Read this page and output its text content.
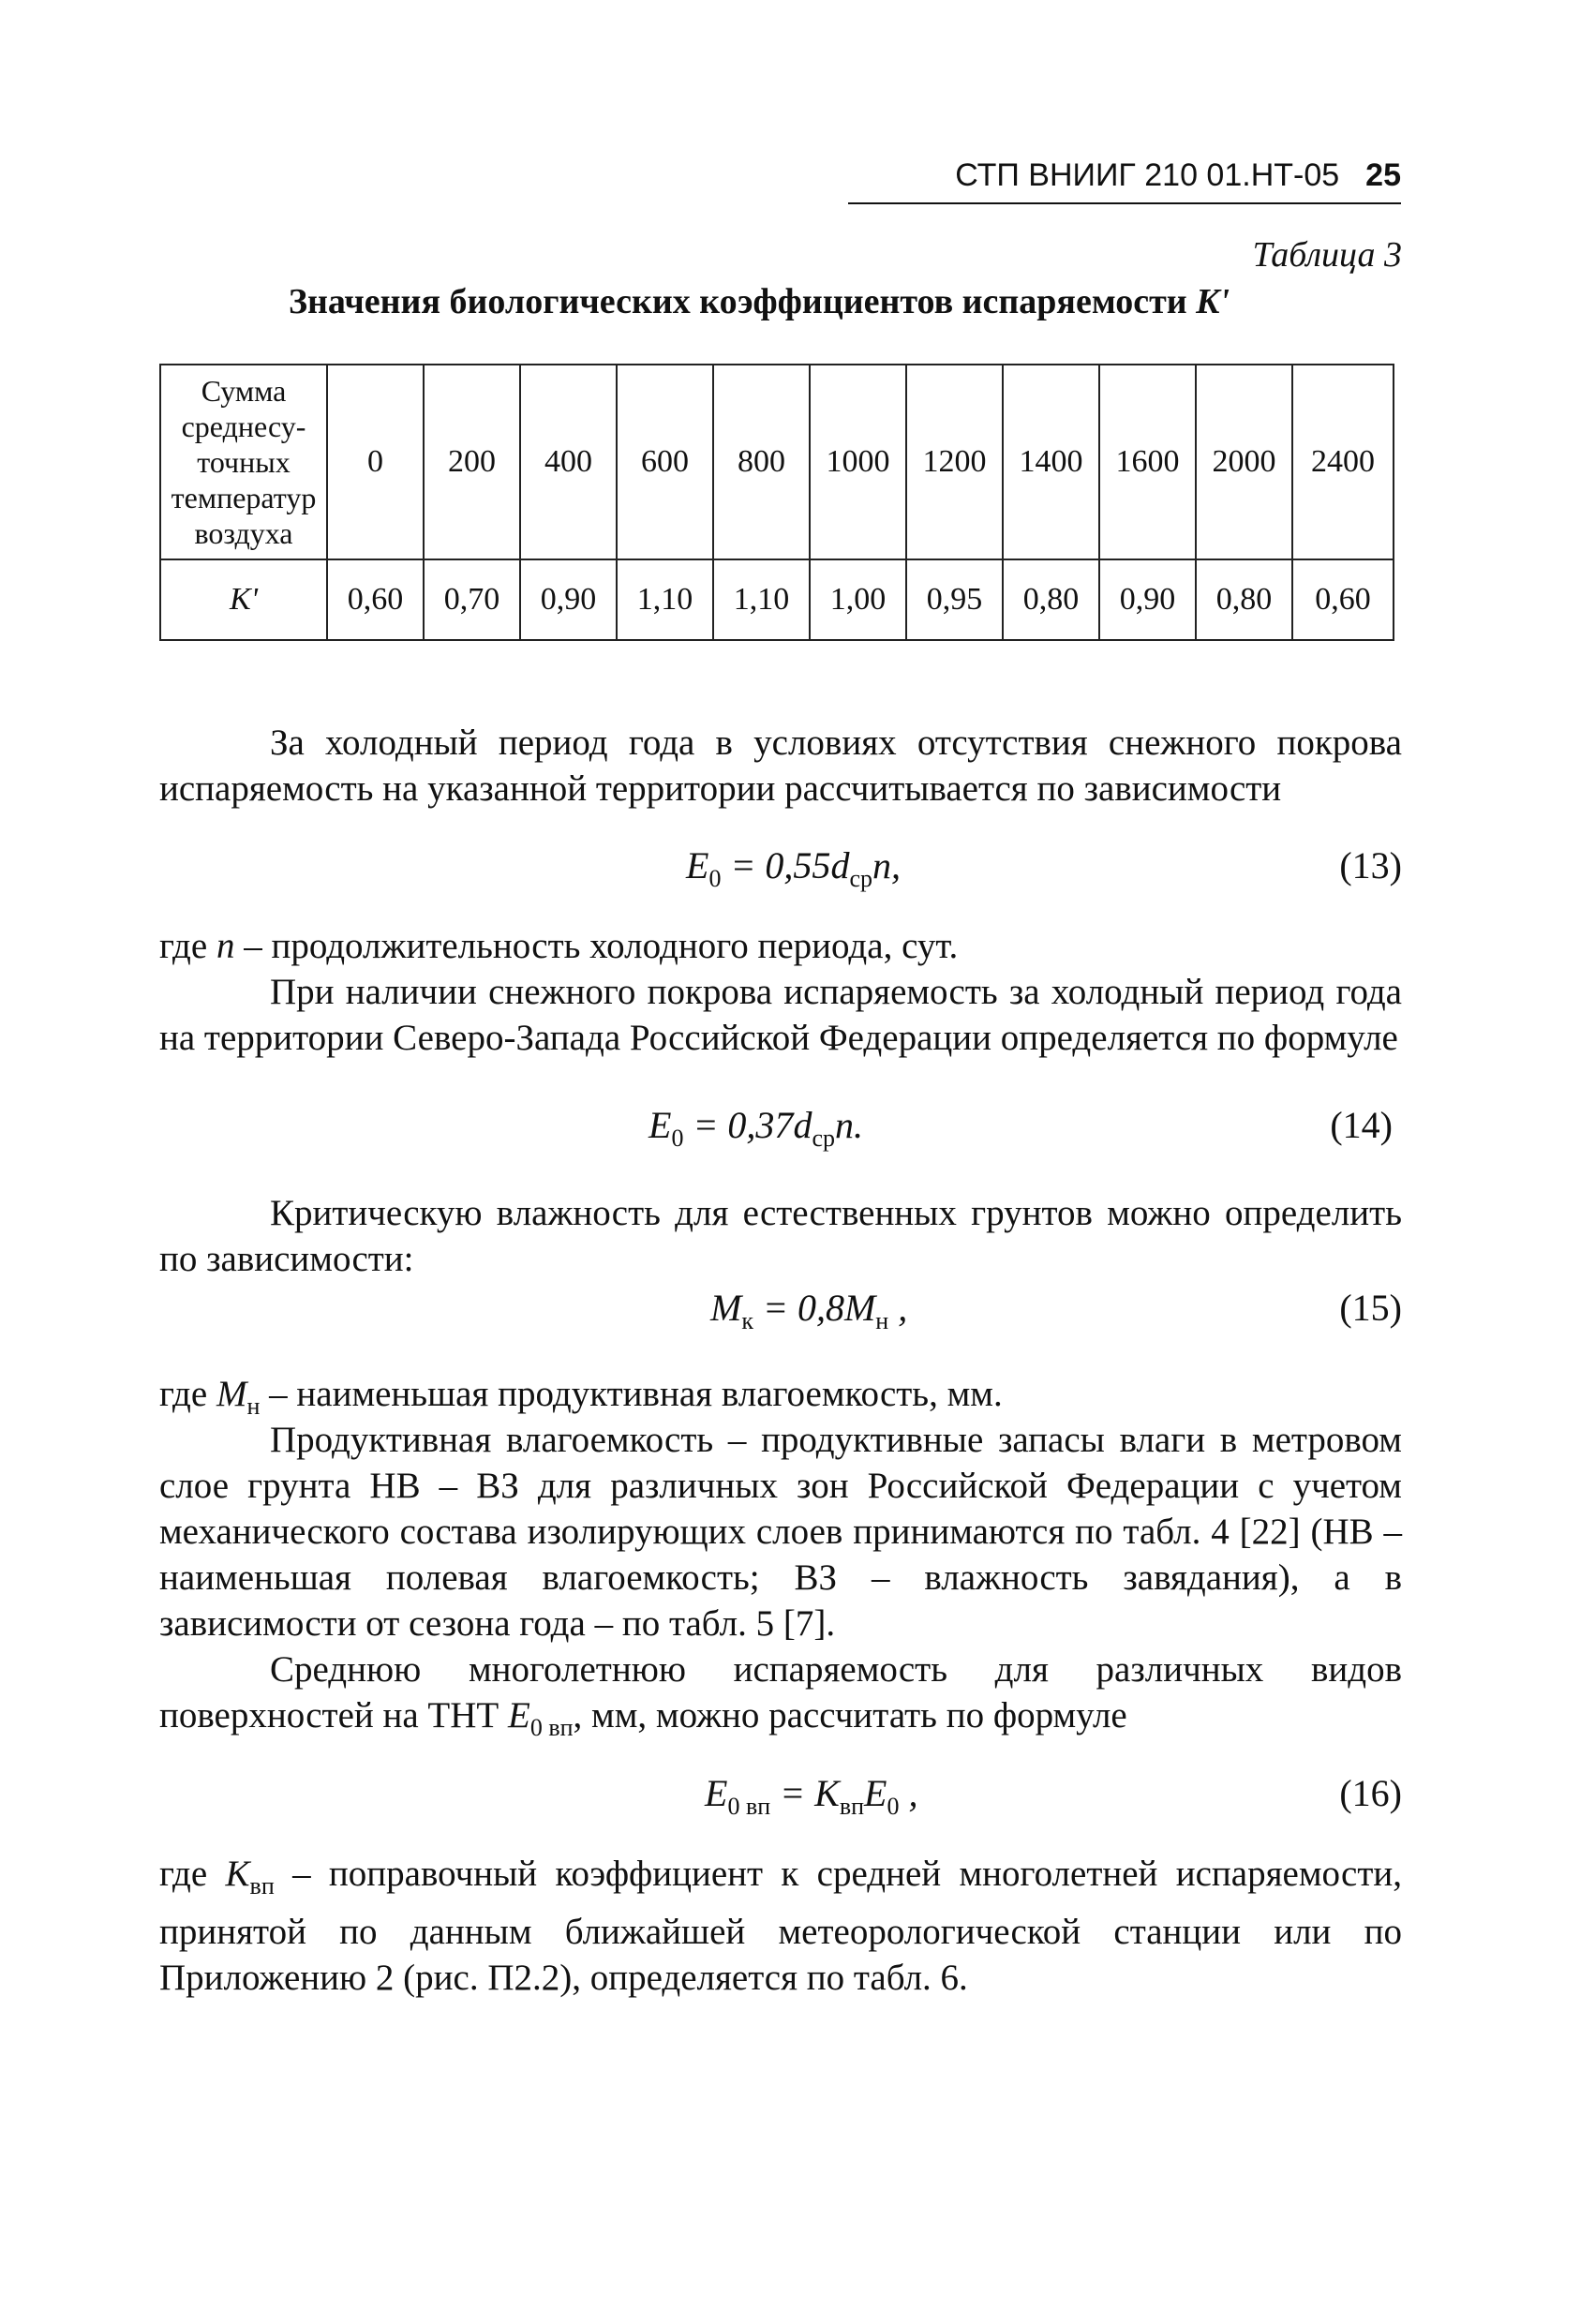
СТП ВНИИГ 210 01.НТ-05 25
Таблица 3
Значения биологических коэффициентов испаряемости K'
Сумма среднесу-точных температур воздуха	0	200	400	600	800	1000	1200	1400	1600	2000	2400
K'	0,60	0,70	0,90	1,10	1,10	1,00	0,95	0,80	0,90	0,80	0,60
За холодный период года в условиях отсутствия снежного покрова испаряемость на указанной территории рассчитывается по зависимости
$E_0 = 0,55d_{ср}n$,	(13)
где n – продолжительность холодного периода, сут.
При наличии снежного покрова испаряемость за холодный период года на территории Северо-Запада Российской Федерации определяется по формуле
$E_0 = 0,37d_{ср}n$.	(14)
Критическую влажность для естественных грунтов можно определить по зависимости:
$M_к = 0,8M_н$ ,	(15)
где $M_н$ – наименьшая продуктивная влагоемкость, мм.
Продуктивная влагоемкость – продуктивные запасы влаги в метровом слое грунта НВ – ВЗ для различных зон Российской Федерации с учетом механического состава изолирующих слоев принимаются по табл. 4 [22] (НВ – наименьшая полевая влагоемкость; ВЗ – влажность завядания), а в зависимости от сезона года – по табл. 5 [7].
Среднюю многолетнюю испаряемость для различных видов поверхностей на ТНТ $E_{0 вп}$, мм, можно рассчитать по формуле
$E_{0 вп} = K_{вп}E_0$ ,	(16)
где $K_{вп}$ – поправочный коэффициент к средней многолетней испаряемости, принятой по данным ближайшей метеорологической станции или по Приложению 2 (рис. П2.2), определяется по табл. 6.
